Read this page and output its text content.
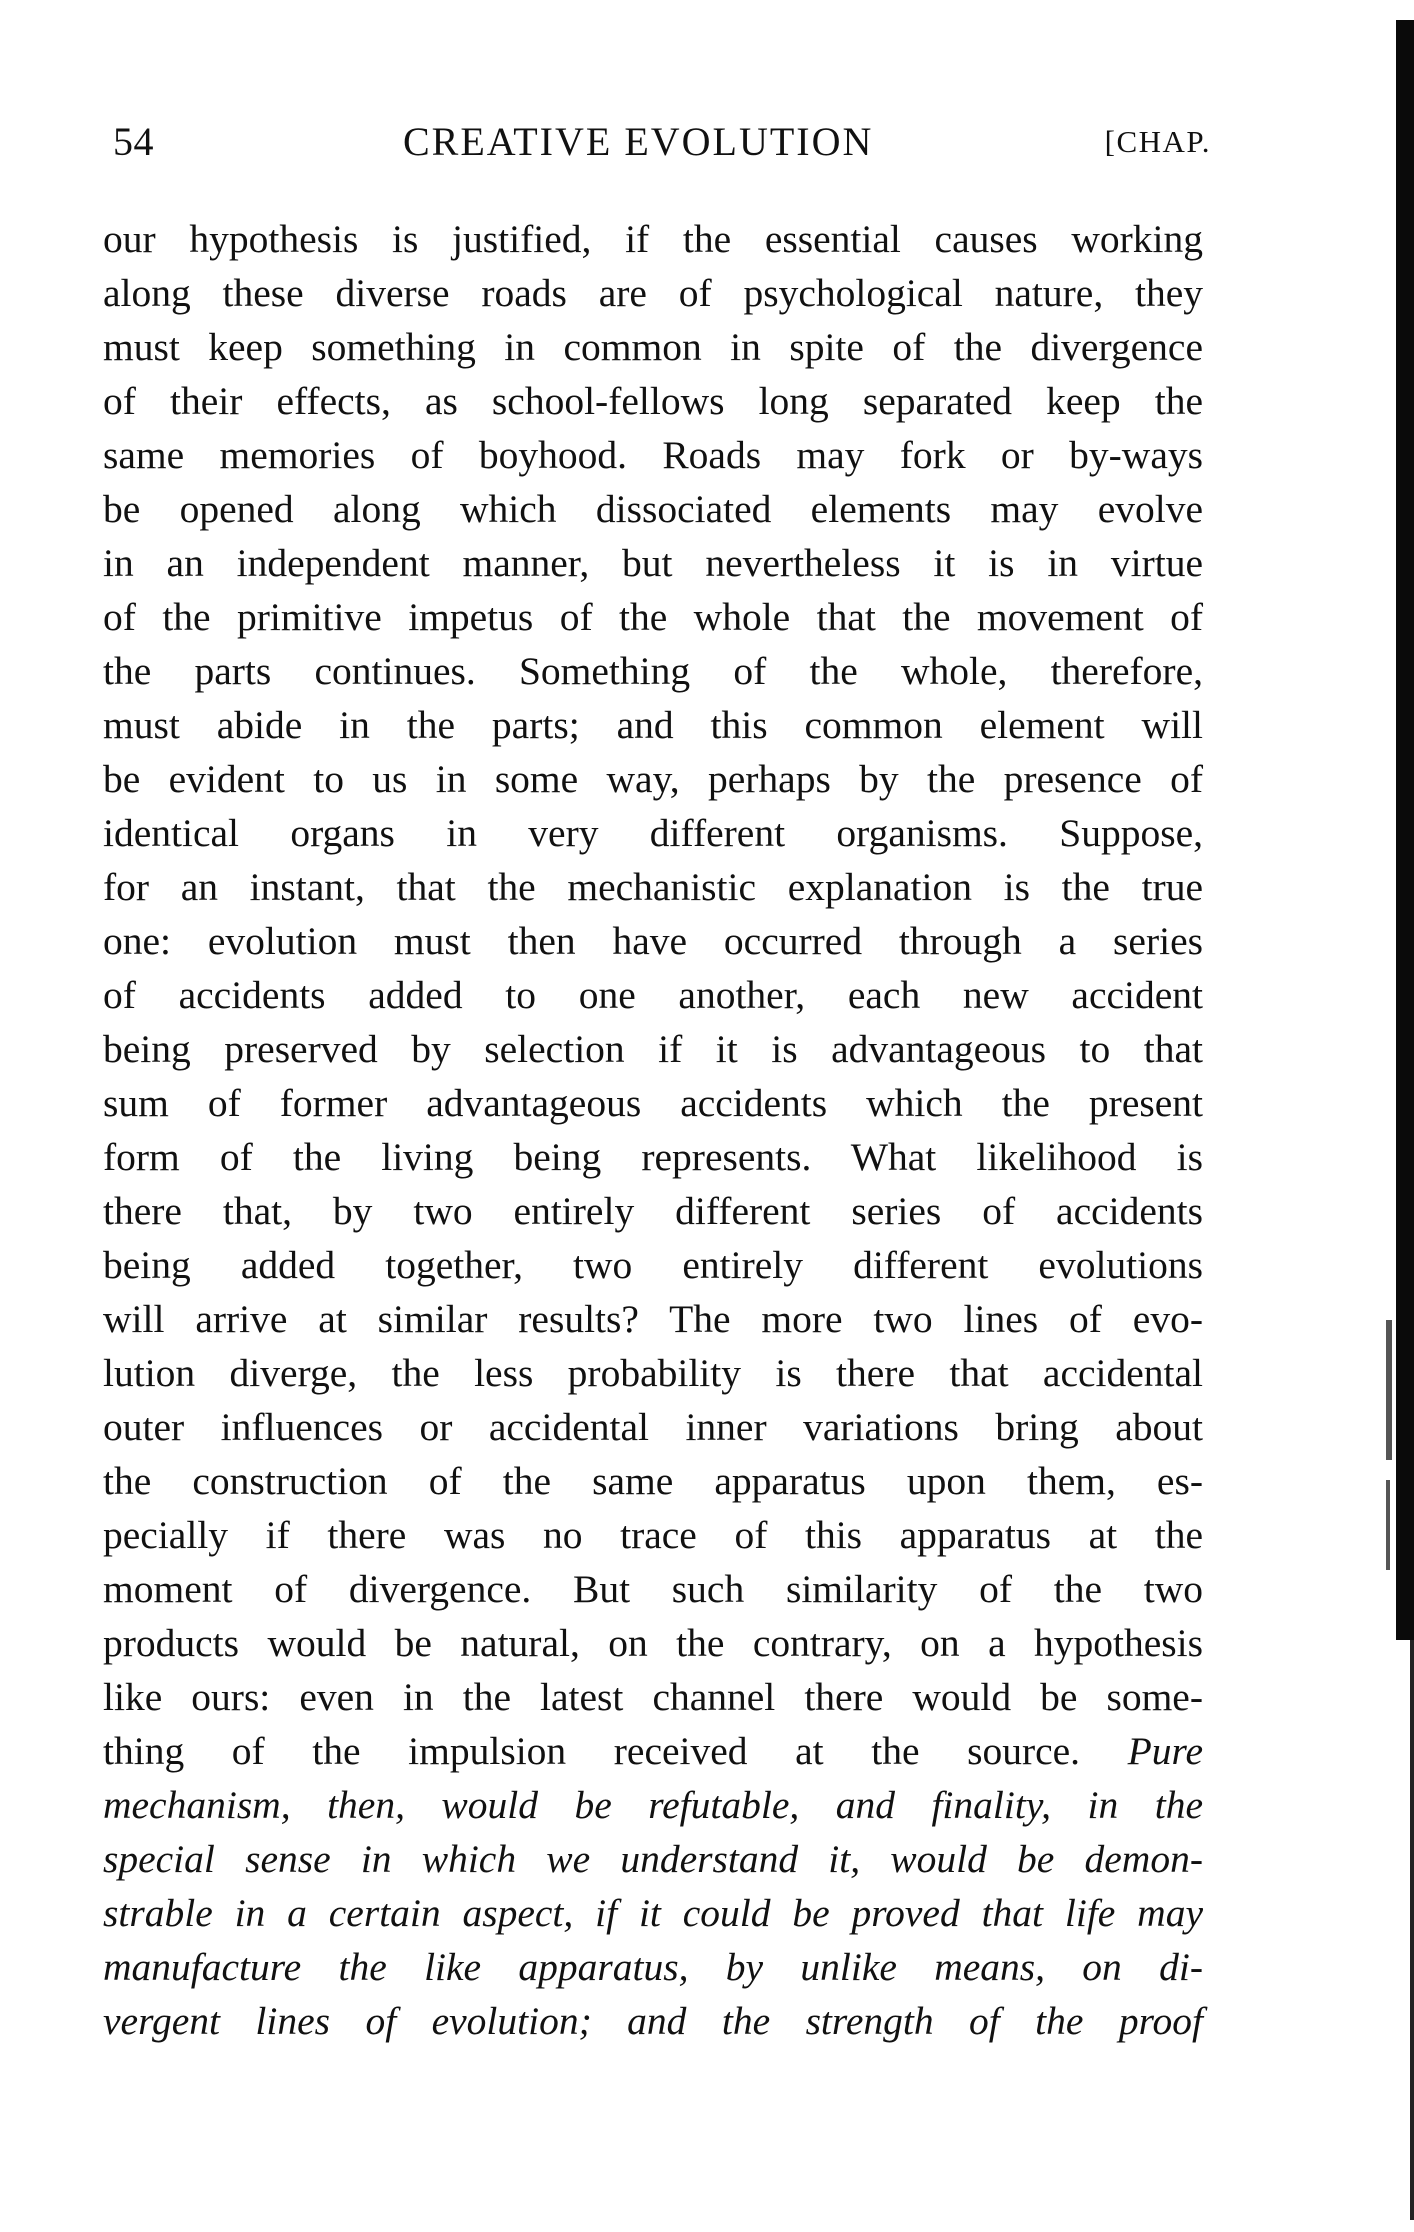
54	CREATIVE EVOLUTION	[CHAP.
our hypothesis is justified, if the essential causes working
along these diverse roads are of psychological nature, they
must keep something in common in spite of the divergence
of their effects, as school-fellows long separated keep the
same memories of boyhood. Roads may fork or by-ways
be opened along which dissociated elements may evolve
in an independent manner, but nevertheless it is in virtue
of the primitive impetus of the whole that the movement of
the parts continues. Something of the whole, therefore,
must abide in the parts; and this common element will
be evident to us in some way, perhaps by the presence of
identical organs in very different organisms. Suppose,
for an instant, that the mechanistic explanation is the true
one: evolution must then have occurred through a series
of accidents added to one another, each new accident
being preserved by selection if it is advantageous to that
sum of former advantageous accidents which the present
form of the living being represents. What likelihood is
there that, by two entirely different series of accidents
being added together, two entirely different evolutions
will arrive at similar results? The more two lines of evo-
lution diverge, the less probability is there that accidental
outer influences or accidental inner variations bring about
the construction of the same apparatus upon them, es-
pecially if there was no trace of this apparatus at the
moment of divergence. But such similarity of the two
products would be natural, on the contrary, on a hypothesis
like ours: even in the latest channel there would be some-
thing of the impulsion received at the source. Pure
mechanism, then, would be refutable, and finality, in the
special sense in which we understand it, would be demon-
strable in a certain aspect, if it could be proved that life may
manufacture the like apparatus, by unlike means, on di-
vergent lines of evolution; and the strength of the proof
